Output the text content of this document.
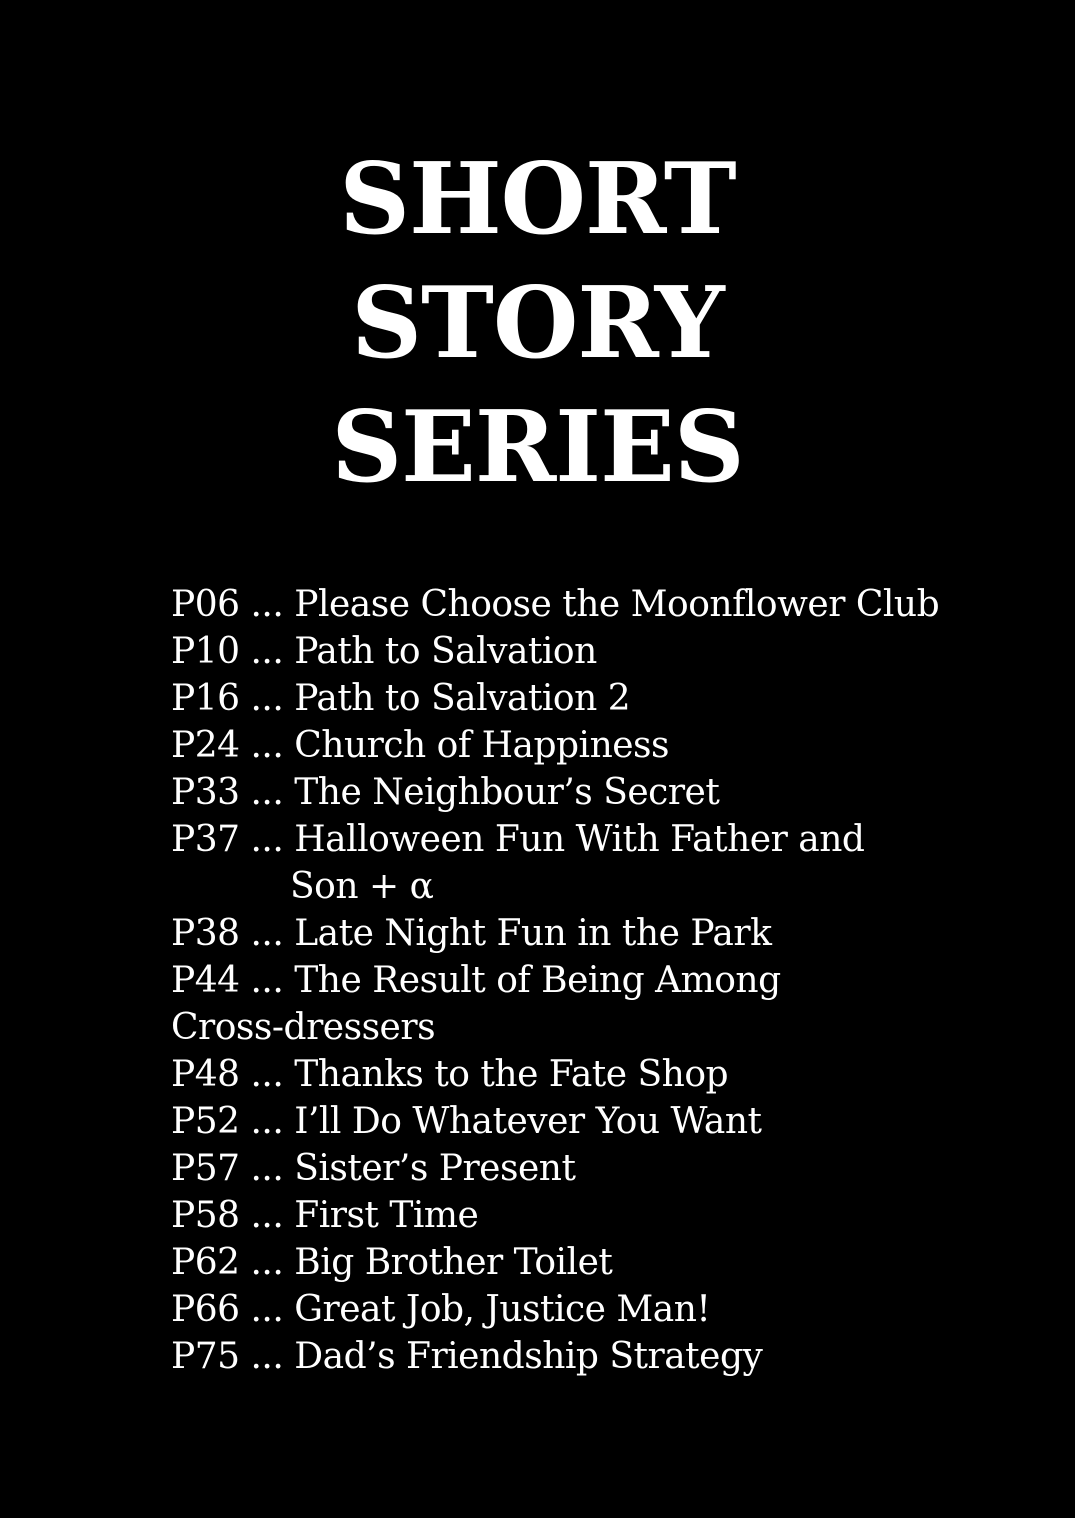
SHORT
STORY
SERIES
P06 ... Please Choose the Moonflower Club
P10 ... Path to Salvation
P16 ... Path to Salvation 2
P24 ... Church of Happiness
P33 ... The Neighbour’s Secret
P37 ... Halloween Fun With Father and
Son + α
P38 ... Late Night Fun in the Park
P44 ... The Result of Being Among
Cross-dressers
P48 ... Thanks to the Fate Shop
P52 ... I’ll Do Whatever You Want
P57 ... Sister’s Present
P58 ... First Time
P62 ... Big Brother Toilet
P66 ... Great Job, Justice Man!
P75 ... Dad’s Friendship Strategy
